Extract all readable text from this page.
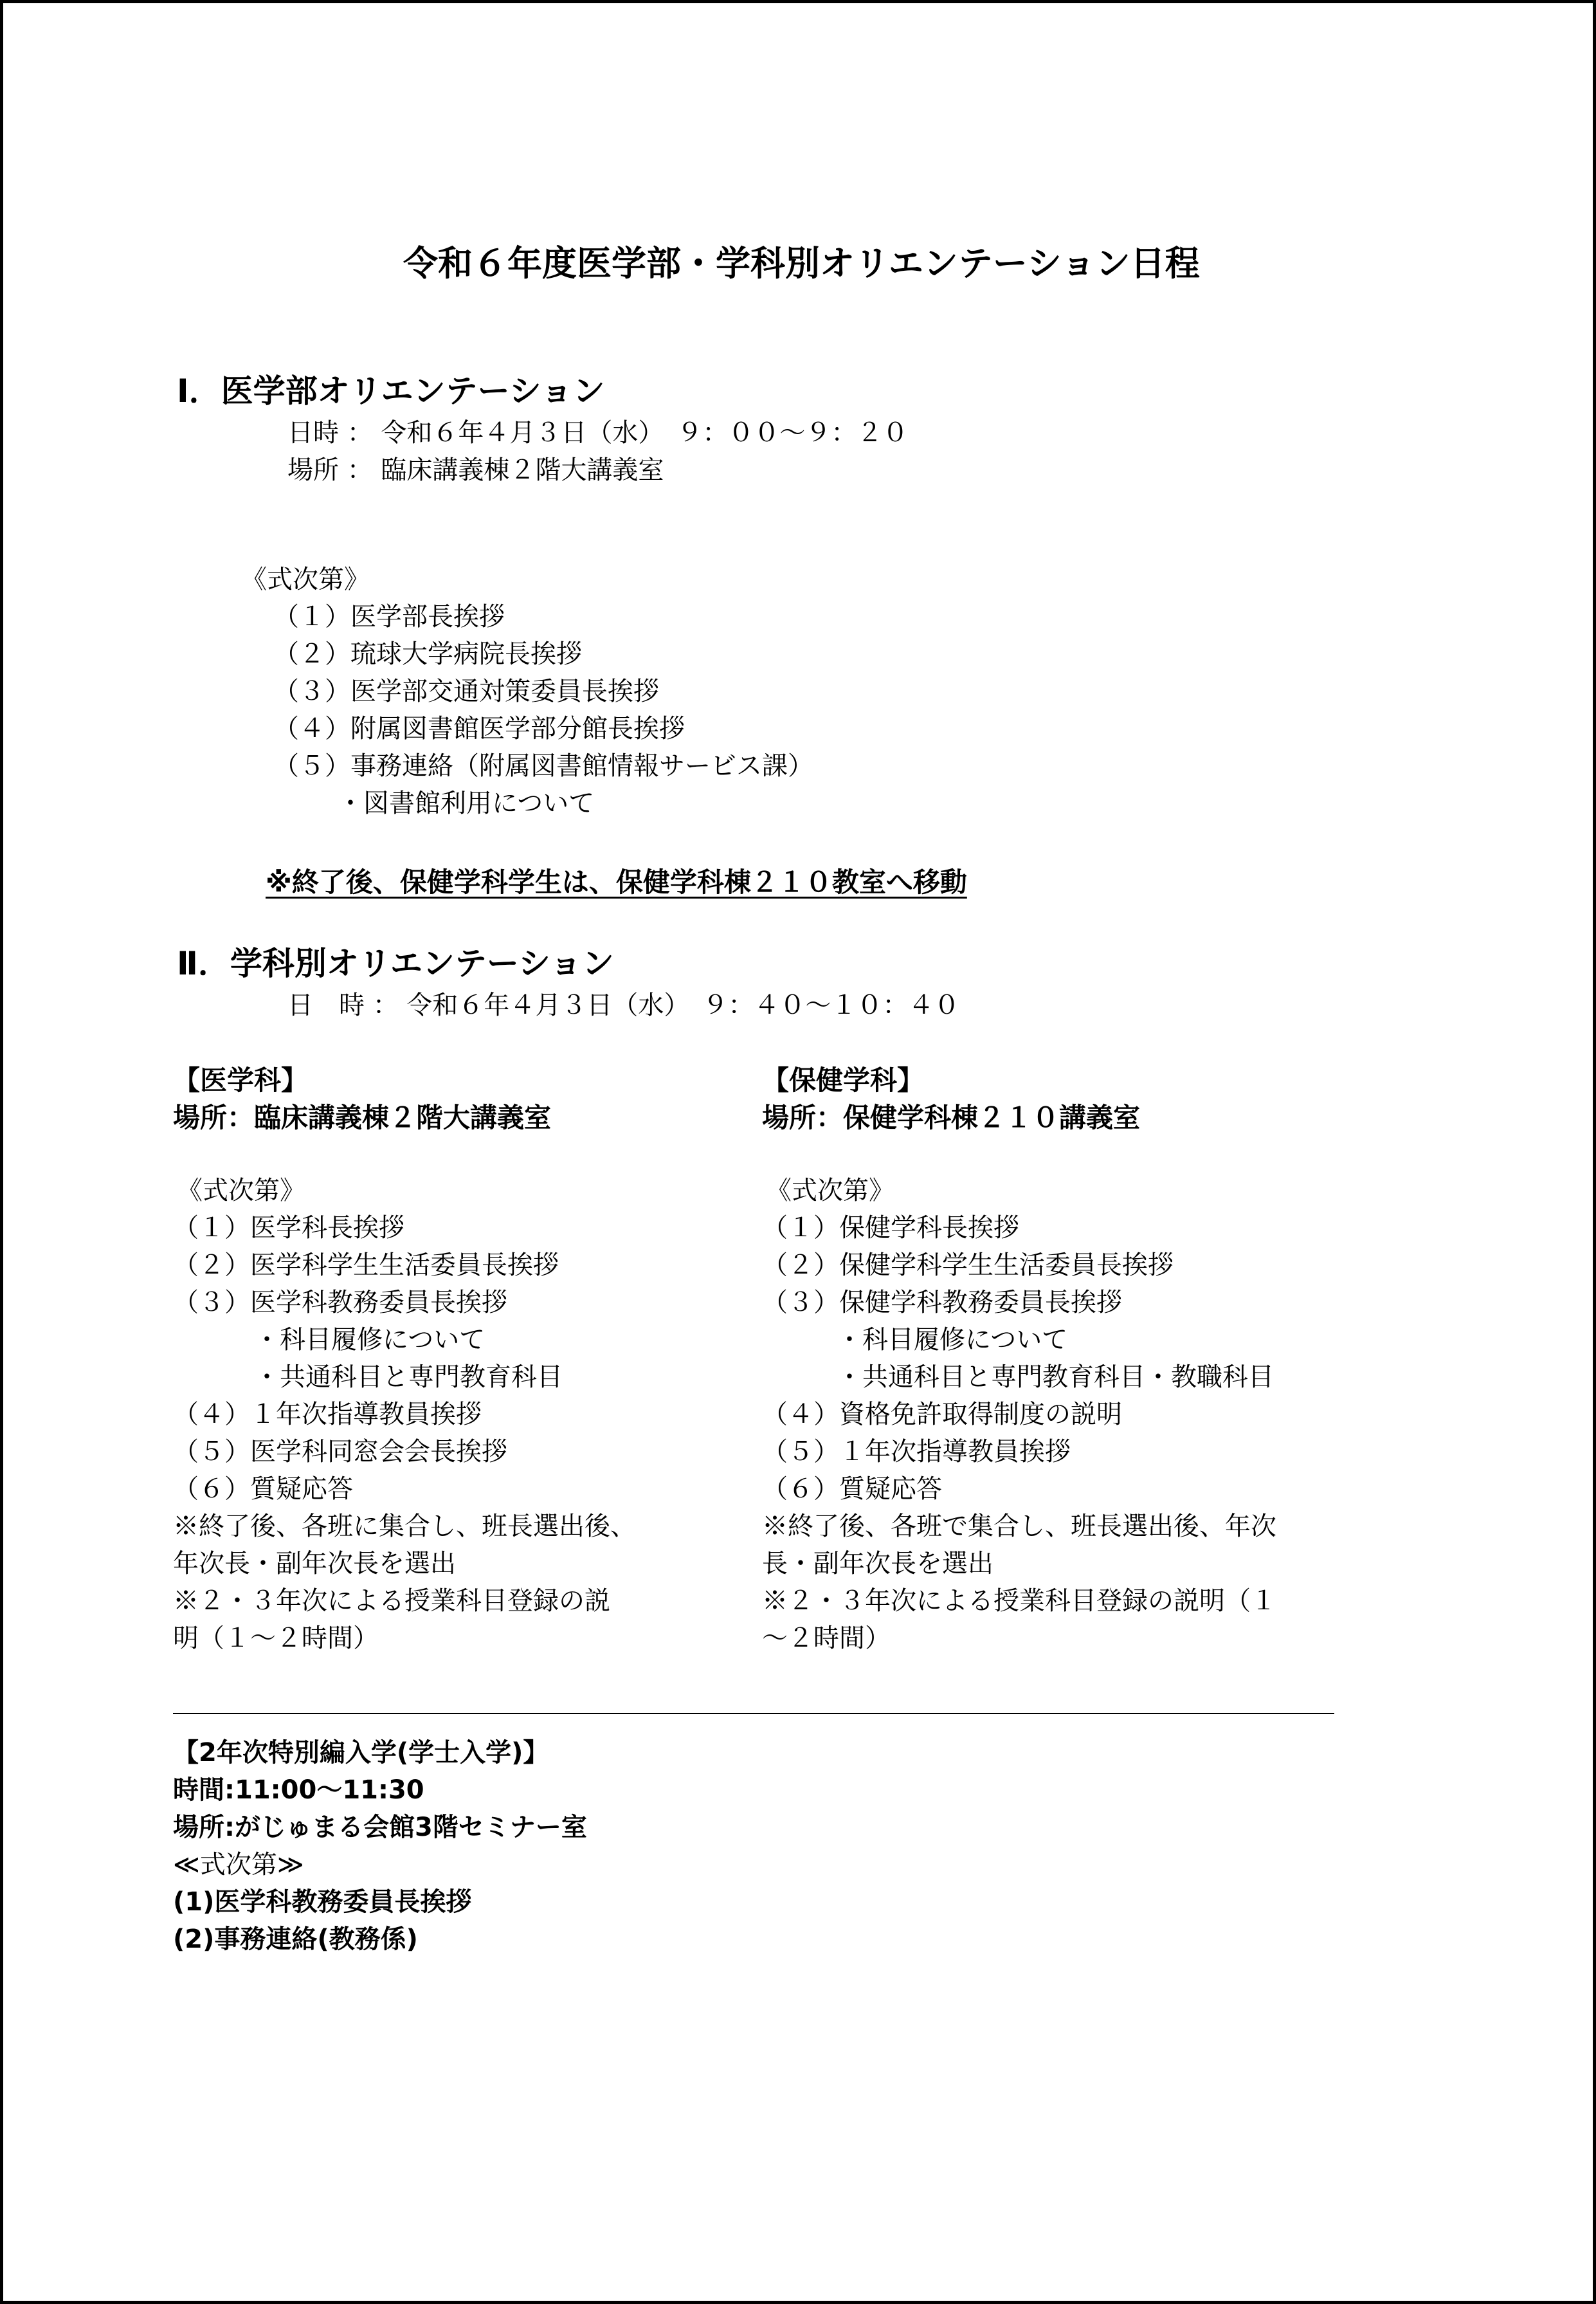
令和６年度医学部・学科別オリエンテーション日程
Ⅰ．医学部オリエンテーション
日時 ： 令和６年４月３日（水）　９：００～９：２０
場所 ： 臨床講義棟２階大講義室
《式次第》
（１）医学部長挨拶
（２）琉球大学病院長挨拶
（３）医学部交通対策委員長挨拶
（４）附属図書館医学部分館長挨拶
（５）事務連絡（附属図書館情報サービス課）
・図書館利用について
※終了後、保健学科学生は、保健学科棟２１０教室へ移動
Ⅱ．学科別オリエンテーション
日　時 ： 令和６年４月３日（水）　９：４０～１０：４０
【医学科】
場所：臨床講義棟２階大講義室
《式次第》
（１）医学科長挨拶
（２）医学科学生生活委員長挨拶
（３）医学科教務委員長挨拶
・科目履修について
・共通科目と専門教育科目
（４）１年次指導教員挨拶
（５）医学科同窓会会長挨拶
（６）質疑応答
※終了後、各班に集合し、班長選出後、
年次長・副年次長を選出
※２・３年次による授業科目登録の説
明（１～２時間）
【保健学科】
場所：保健学科棟２１０講義室
《式次第》
（１）保健学科長挨拶
（２）保健学科学生生活委員長挨拶
（３）保健学科教務委員長挨拶
・科目履修について
・共通科目と専門教育科目・教職科目
（４）資格免許取得制度の説明
（５）１年次指導教員挨拶
（６）質疑応答
※終了後、各班で集合し、班長選出後、年次
長・副年次長を選出
※２・３年次による授業科目登録の説明（１
～２時間）
【2年次特別編入学(学士入学)】
時間:11:00～11:30
場所:がじゅまる会館3階セミナー室
≪式次第≫
(1)医学科教務委員長挨拶
(2)事務連絡(教務係)
